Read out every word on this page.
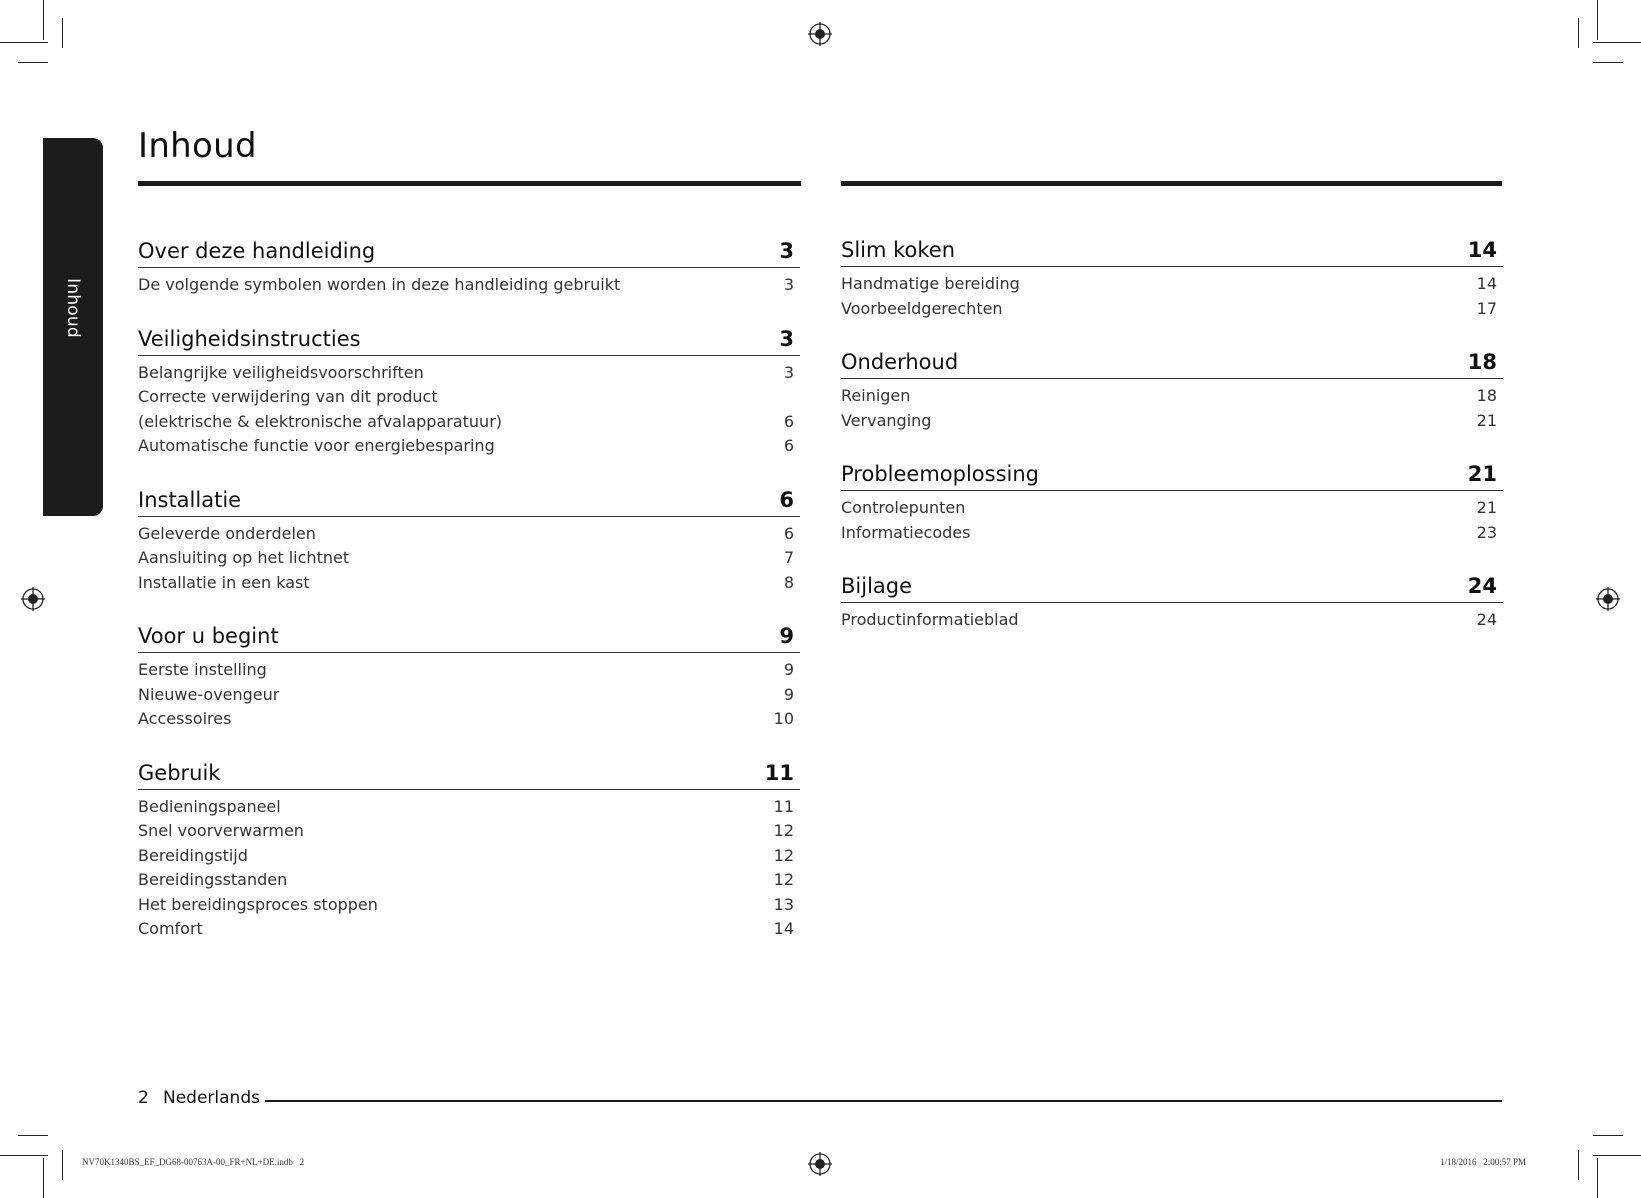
Inhoud
Inhoud
Over deze handleiding	3
De volgende symbolen worden in deze handleiding gebruikt	3
Veiligheidsinstructies	3
Belangrijke veiligheidsvoorschriften	3
Correcte verwijdering van dit product
(elektrische & elektronische afvalapparatuur)	6
Automatische functie voor energiebesparing	6
Installatie	6
Geleverde onderdelen	6
Aansluiting op het lichtnet	7
Installatie in een kast	8
Voor u begint	9
Eerste instelling	9
Nieuwe-ovengeur	9
Accessoires	10
Gebruik	11
Bedieningspaneel	11
Snel voorverwarmen	12
Bereidingstijd	12
Bereidingsstanden	12
Het bereidingsproces stoppen	13
Comfort	14
Slim koken	14
Handmatige bereiding	14
Voorbeeldgerechten	17
Onderhoud	18
Reinigen	18
Vervanging	21
Probleemoplossing	21
Controlepunten	21
Informatiecodes	23
Bijlage	24
Productinformatieblad	24
2 Nederlands
NV70K1340BS_EF_DG68-00763A-00_FR+NL+DE.indb   2	1/18/2016   2:00:57 PM
